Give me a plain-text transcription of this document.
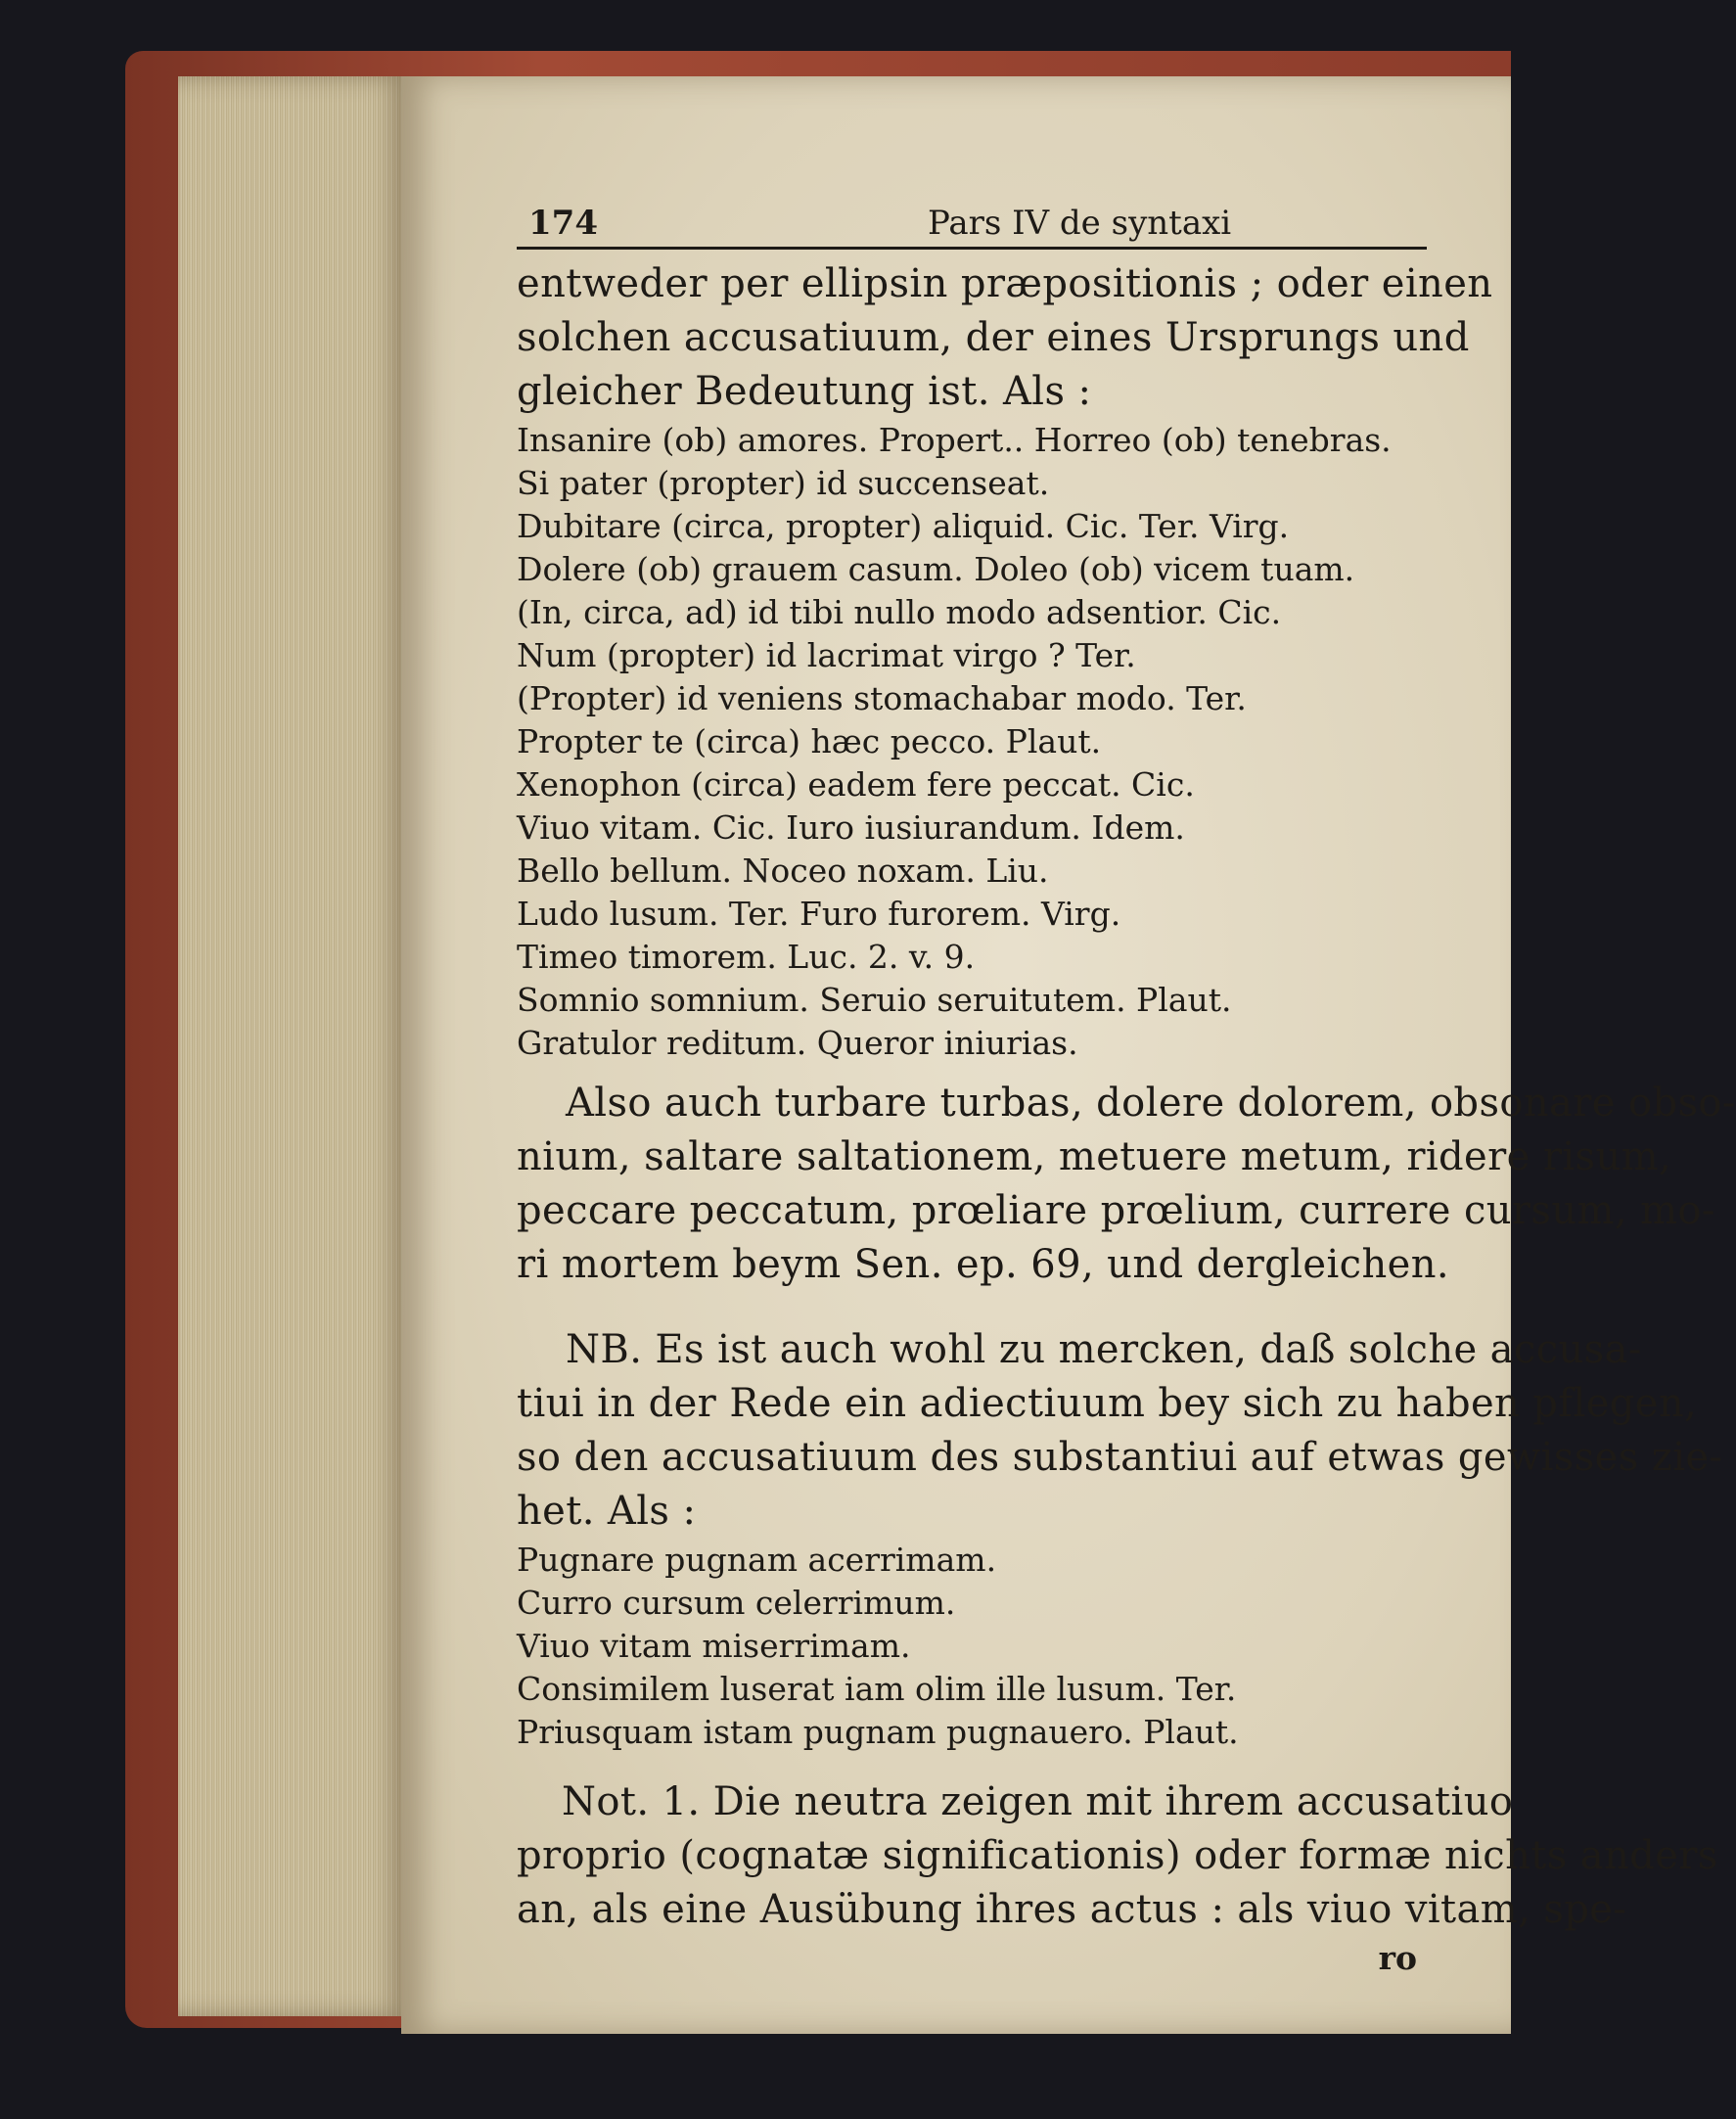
174	Pars IV de syntaxi
entweder per ellipsin præpositionis ; oder einen
solchen accusatiuum, der eines Ursprungs und
gleicher Bedeutung ist. Als :
Insanire (ob) amores. Propert.. Horreo (ob) tenebras.
Si pater (propter) id succenseat.
Dubitare (circa, propter) aliquid. Cic. Ter. Virg.
Dolere (ob) grauem casum. Doleo (ob) vicem tuam.
(In, circa, ad) id tibi nullo modo adsentior. Cic.
Num (propter) id lacrimat virgo ? Ter.
(Propter) id veniens stomachabar modo. Ter.
Propter te (circa) hæc pecco. Plaut.
Xenophon (circa) eadem fere peccat. Cic.
Viuo vitam. Cic. Iuro iusiurandum. Idem.
Bello bellum. Noceo noxam. Liu.
Ludo lusum. Ter. Furo furorem. Virg.
Timeo timorem. Luc. 2. v. 9.
Somnio somnium. Seruio seruitutem. Plaut.
Gratulor reditum. Queror iniurias.
Also auch turbare turbas, dolere dolorem, obsonare obso-
nium, saltare saltationem, metuere metum, ridere risum,
peccare peccatum, prœliare prœlium, currere cursum, mo-
ri mortem beym Sen. ep. 69, und dergleichen.
NB. Es ist auch wohl zu mercken, daß solche accusa-
tiui in der Rede ein adiectiuum bey sich zu haben pflegen,
so den accusatiuum des substantiui auf etwas gewisses zie-
het. Als :
Pugnare pugnam acerrimam.
Curro cursum celerrimum.
Viuo vitam miserrimam.
Consimilem luserat iam olim ille lusum. Ter.
Priusquam istam pugnam pugnauero. Plaut.
Not. 1. Die neutra zeigen mit ihrem accusatiuo
proprio (cognatæ significationis) oder formæ nichts anders
an, als eine Ausübung ihres actus : als viuo vitam, spe-
ro
